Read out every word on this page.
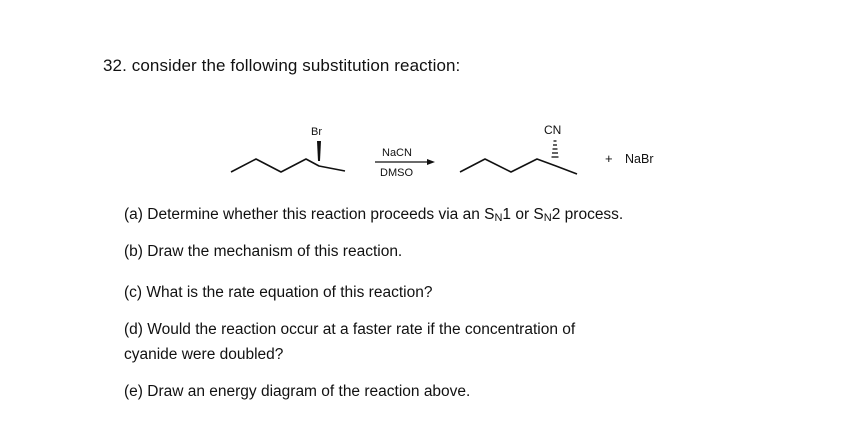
32. consider the following substitution reaction:
Br
NaCN
DMSO
CN
+ NaBr
(a) Determine whether this reaction proceeds via an SN1 or SN2 process.
(b) Draw the mechanism of this reaction.
(c) What is the rate equation of this reaction?
(d) Would the reaction occur at a faster rate if the concentration of
cyanide were doubled?
(e) Draw an energy diagram of the reaction above.
